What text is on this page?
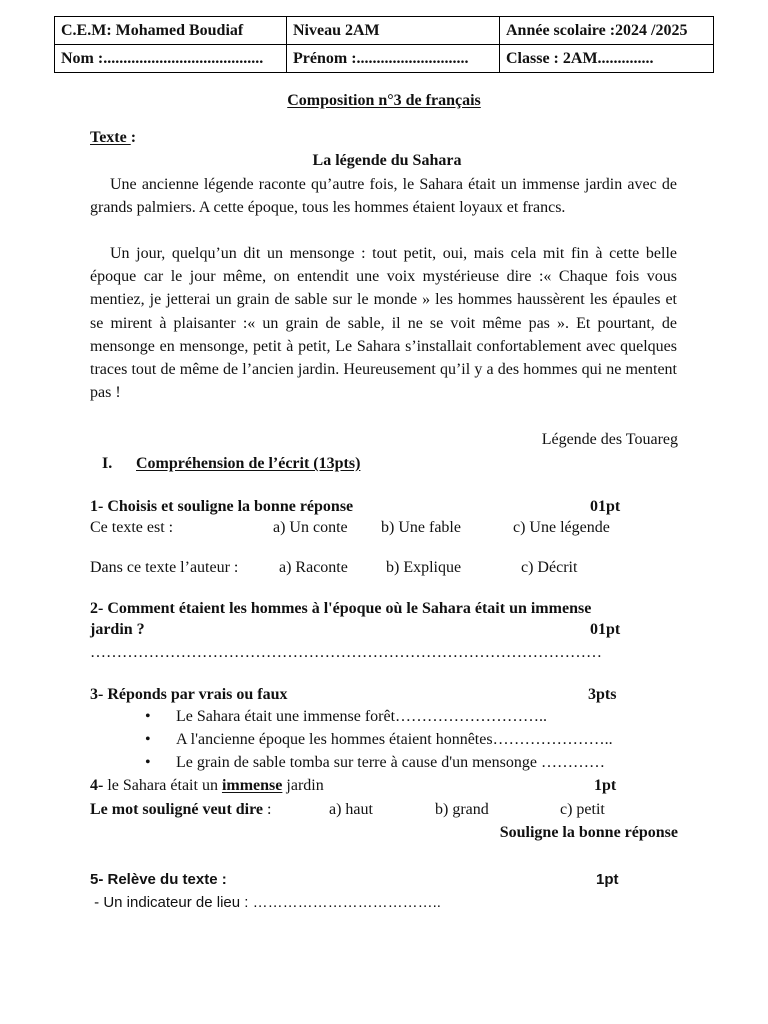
C.E.M: Mohamed Boudiaf	Niveau 2AM	Année scolaire :2024 /2025
Nom :........................................	Prénom :............................	Classe : 2AM..............
Composition n°3 de français
Texte :
La légende du Sahara
Une ancienne légende raconte qu’autre fois, le Sahara était un immense jardin avec de grands palmiers. A cette époque, tous les hommes étaient loyaux et francs.
Un jour, quelqu’un dit un mensonge : tout petit, oui, mais cela mit fin à cette belle époque car le jour même, on entendit une voix mystérieuse dire :« Chaque fois vous mentiez, je jetterai un grain de sable sur le monde » les hommes haussèrent les épaules et se mirent à plaisanter :« un grain de sable, il ne se voit même pas ». Et pourtant, de mensonge en mensonge, petit à petit, Le Sahara s’installait confortablement avec quelques traces tout de même de l’ancien jardin. Heureusement qu’il y a des hommes qui ne mentent pas !
Légende des Touareg
I. Compréhension de l’écrit (13pts)
1- Choisis et souligne la bonne réponse	01pt
Ce texte est :	a) Un conte b) Une fable	c) Une légende
Dans ce texte l’auteur :	a) Raconte b) Explique	c) Décrit
2- Comment étaient les hommes à l'époque où le Sahara était un immense
jardin ?	01pt
……………………………………………………………………………………
3- Réponds par vrais ou faux	3pts
• Le Sahara était une immense forêt………………………..
• A l'ancienne époque les hommes étaient honnêtes…………………..
• Le grain de sable tomba sur terre à cause d'un mensonge …………
4- le Sahara était un immense jardin	1pt
Le mot souligné veut dire :	a) haut	b) grand	c) petit
Souligne la bonne réponse
5- Relève du texte :	1pt
- Un indicateur de lieu : ………………………………..
